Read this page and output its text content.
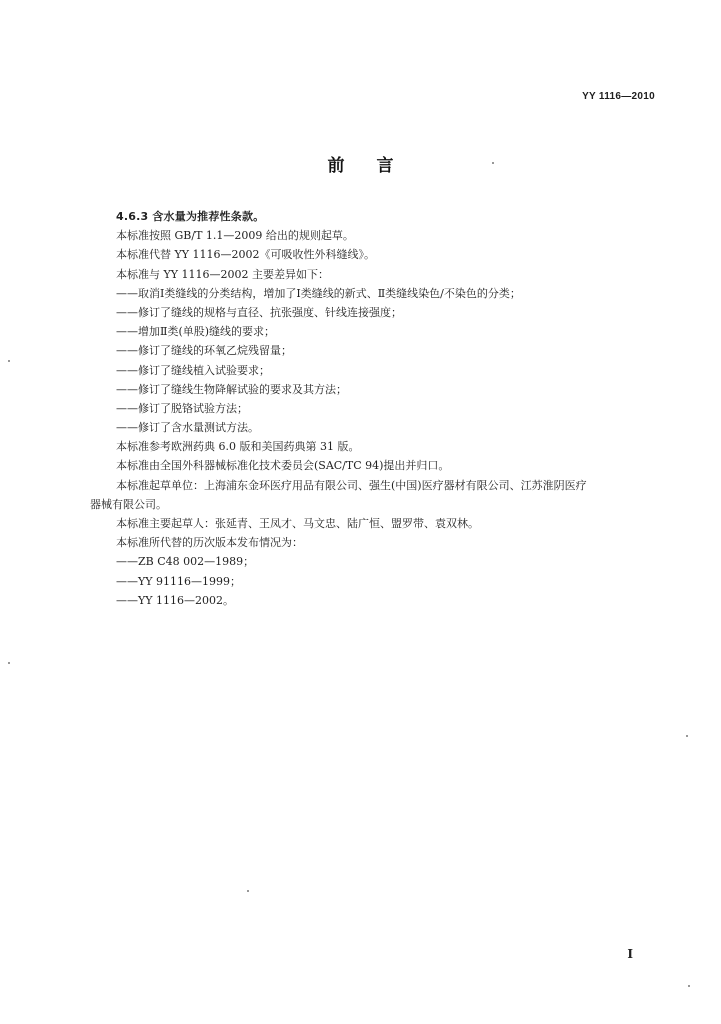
YY 1116—2010
前言
4.6.3 含水量为推荐性条款。
本标准按照 GB/T 1.1—2009 给出的规则起草。
本标准代替 YY 1116—2002《可吸收性外科缝线》。
本标准与 YY 1116—2002 主要差异如下：
——取消Ⅰ类缝线的分类结构，增加了Ⅰ类缝线的新式、Ⅱ类缝线染色/不染色的分类；
——修订了缝线的规格与直径、抗张强度、针线连接强度；
——增加Ⅱ类(单股)缝线的要求；
——修订了缝线的环氧乙烷残留量；
——修订了缝线植入试验要求；
——修订了缝线生物降解试验的要求及其方法；
——修订了脱铬试验方法；
——修订了含水量测试方法。
本标准参考欧洲药典 6.0 版和美国药典第 31 版。
本标准由全国外科器械标准化技术委员会(SAC/TC 94)提出并归口。
本标准起草单位：上海浦东金环医疗用品有限公司、强生(中国)医疗器材有限公司、江苏淮阴医疗
器械有限公司。
本标准主要起草人：张延青、王凤才、马文忠、陆广恒、盟罗带、袁双林。
本标准所代替的历次版本发布情况为：
——ZB C48 002—1989；
——YY 91116—1999；
——YY 1116—2002。
I
